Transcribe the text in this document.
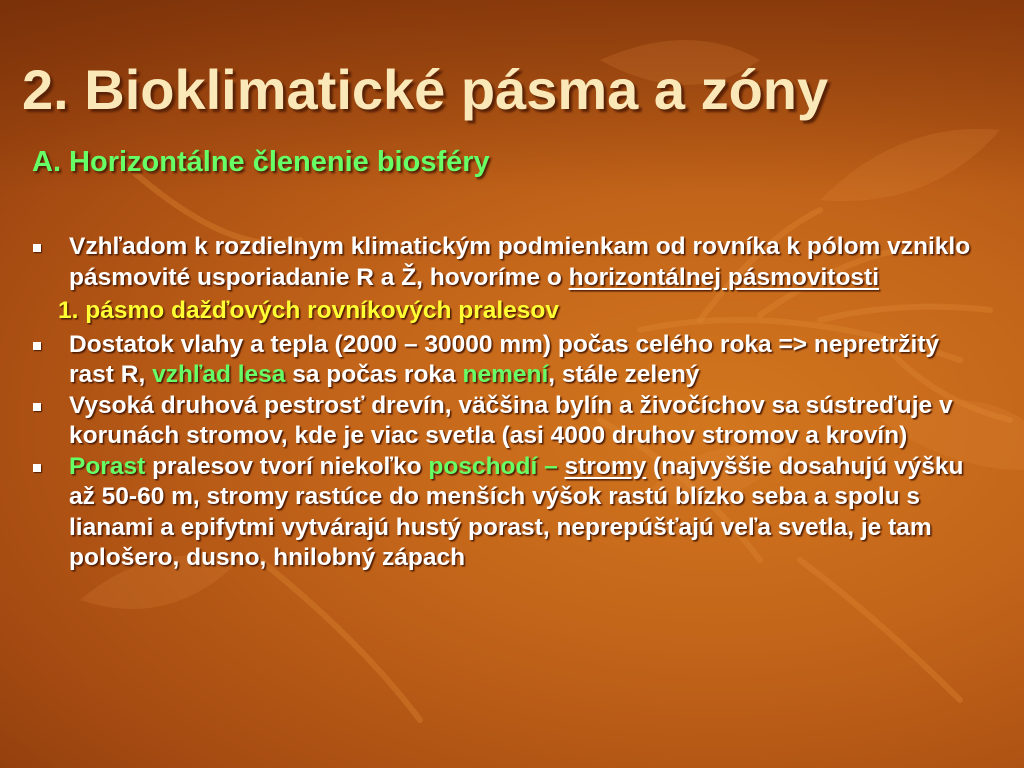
2. Bioklimatické pásma a zóny
A. Horizontálne členenie biosféry

Vzhľadom k rozdielnym klimatickým podmienkam od rovníka k pólom vzniklo pásmovité usporiadanie R a Ž, hovoríme o horizontálnej pásmovitosti

1. pásmo dažďových rovníkových pralesov

Dostatok vlahy a tepla (2000 – 30000 mm) počas celého roka => nepretržitý rast R, vzhľad lesa sa počas roka nemení, stále zelený

Vysoká druhová pestrosť drevín, väčšina bylín a živočíchov sa sústreďuje v korunách stromov, kde je viac svetla (asi 4000 druhov stromov a krovín)

Porast pralesov tvorí niekoľko poschodí – stromy (najvyššie dosahujú výšku až 50-60 m, stromy rastúce do menších výšok rastú blízko seba a spolu s lianami a epifytmi vytvárajú hustý porast, neprepúšťajú veľa svetla, je tam pološero, dusno, hnilobný zápach
